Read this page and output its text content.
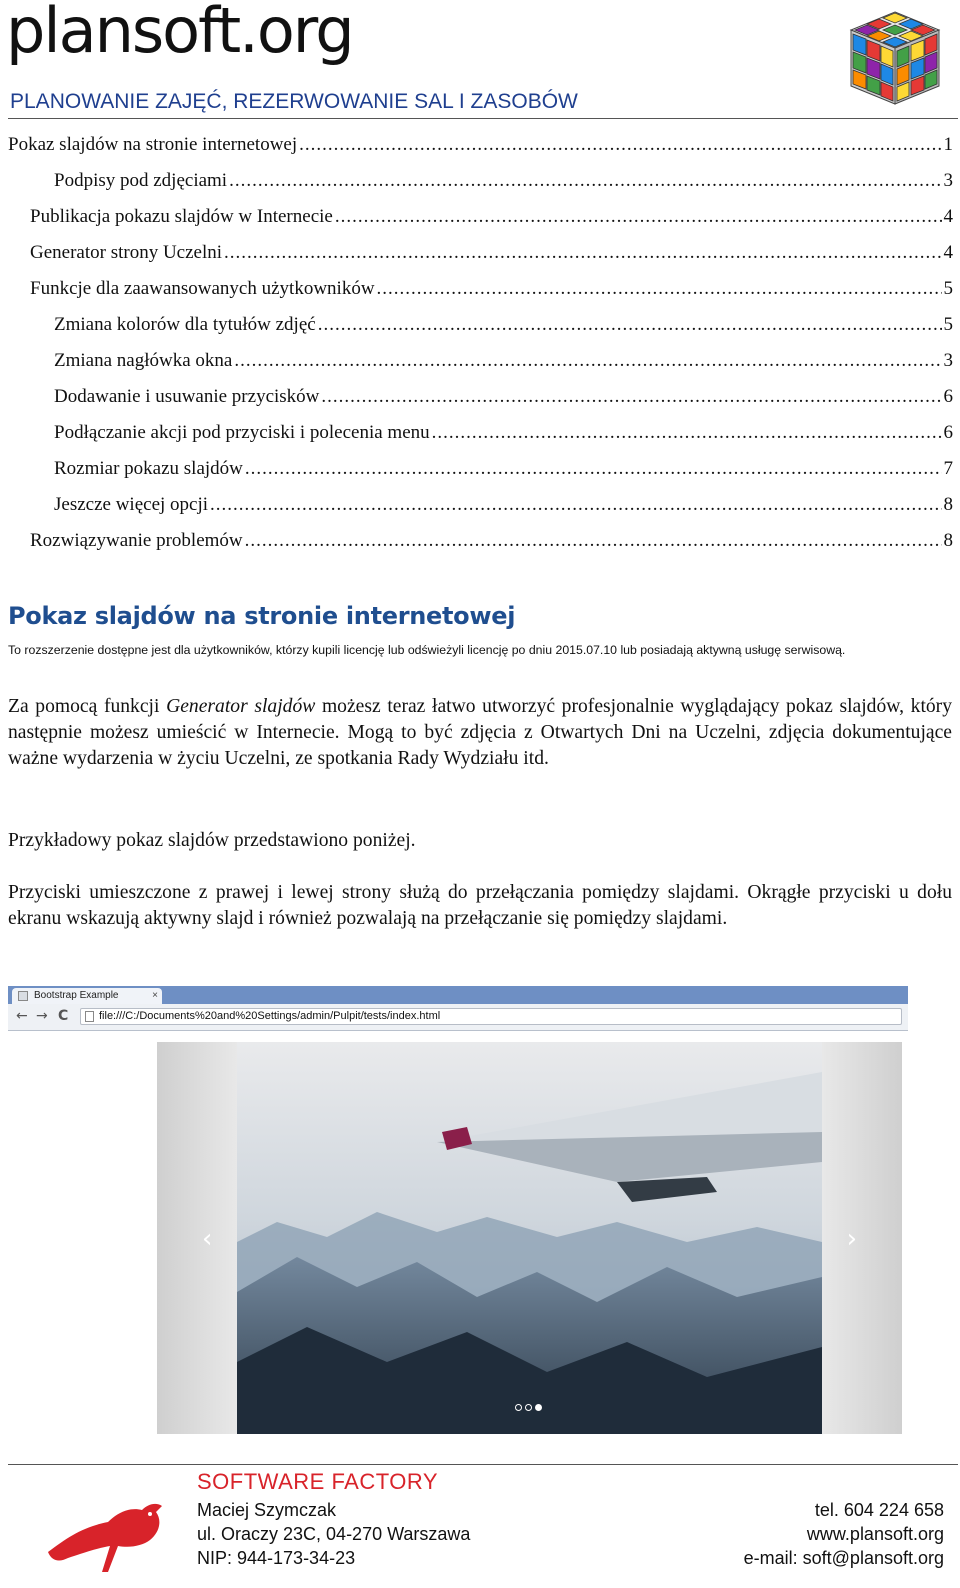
plansoft.org
PLANOWANIE ZAJĘĆ, REZERWOWANIE SAL I ZASOBÓW
Pokaz slajdów na stronie internetowej .....	1
Podpisy pod zdjęciami .....	3
Publikacja pokazu slajdów w Internecie .....	4
Generator strony Uczelni .....	4
Funkcje dla zaawansowanych użytkowników .....	5
Zmiana kolorów dla tytułów zdjęć .....	5
Zmiana nagłówka okna .....	3
Dodawanie i usuwanie przycisków .....	6
Podłączanie akcji pod przyciski i polecenia menu .....	6
Rozmiar pokazu slajdów .....	7
Jeszcze więcej opcji .....	8
Rozwiązywanie problemów .....	8
Pokaz slajdów na stronie internetowej
To rozszerzenie dostępne jest dla użytkowników, którzy kupili licencję lub odświeżyli licencję po dniu 2015.07.10 lub posiadają aktywną usługę serwisową.

Za pomocą funkcji Generator slajdów możesz teraz łatwo utworzyć profesjonalnie wyglądający pokaz slajdów, który następnie możesz umieścić w Internecie. Mogą to być zdjęcia z Otwartych Dni na Uczelni, zdjęcia dokumentujące ważne wydarzenia w życiu Uczelni, ze spotkania Rady Wydziału itd.

Przykładowy pokaz slajdów przedstawiono poniżej.

Przyciski umieszczone z prawej i lewej strony służą do przełączania pomiędzy slajdami. Okrągłe przyciski u dołu ekranu wskazują aktywny slajd i również pozwalają na przełączanie się pomiędzy slajdami.

Bootstrap Example	×
← → C	file:///C:/Documents%20and%20Settings/admin/Pulpit/tests/index.html
‹	›
SOFTWARE FACTORY
Maciej Szymczak
ul. Oraczy 23C, 04-270 Warszawa
NIP: 944-173-34-23
tel. 604 224 658
www.plansoft.org
e-mail: soft@plansoft.org
